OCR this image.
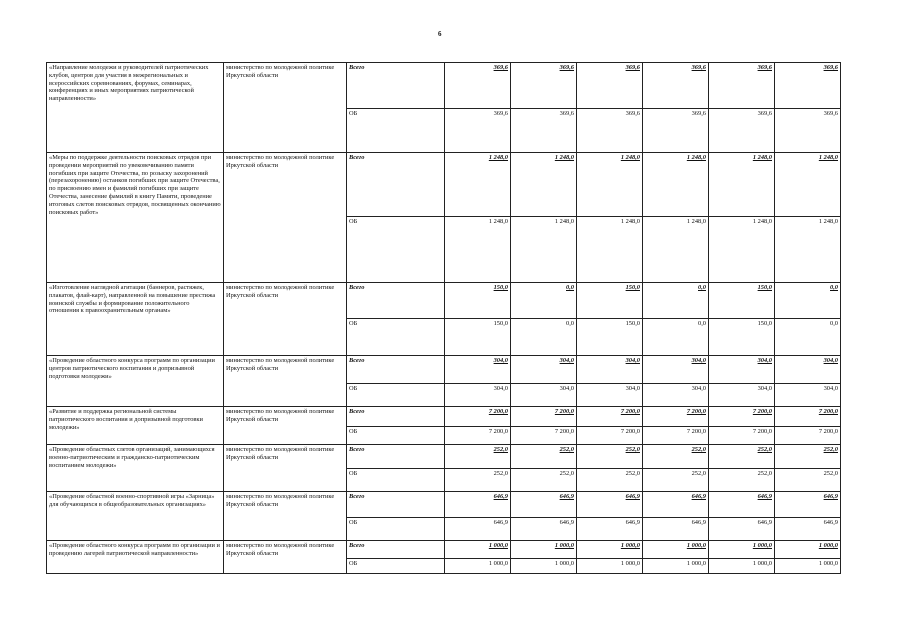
6
«Направление молодежи и руководителей патриотических клубов, центров для участия в межрегиональных и всероссийских соревнованиях, форумах, семинарах, конференциях и иных мероприятиях патриотической направленности»	министерство по молодежной политике Иркутской области	Всего	369,6	369,6	369,6	369,6	369,6	369,6
		ОБ	369,6	369,6	369,6	369,6	369,6	369,6
«Меры по поддержке деятельности поисковых отрядов при проведении мероприятий по увековечиванию памяти погибших при защите Отечества, по розыску захоронений (перезахоронению) останков погибших при защите Отечества, по присвоению имен и фамилий погибших при защите Отечества, занесение фамилий в книгу Памяти, проведение итоговых слетов поисковых отрядов, посвященных окончанию поисковых работ»	министерство по молодежной политике Иркутской области	Всего	1 248,0	1 248,0	1 248,0	1 248,0	1 248,0	1 248,0
		ОБ	1 248,0	1 248,0	1 248,0	1 248,0	1 248,0	1 248,0
«Изготовление наглядной агитации (баннеров, растяжек, плакатов, флай-карт), направленной на повышение престижа воинской службы и формирование положительного отношения к правоохранительным органам»	министерство по молодежной политике Иркутской области	Всего	150,0	0,0	150,0	0,0	150,0	0,0
		ОБ	150,0	0,0	150,0	0,0	150,0	0,0
«Проведение областного конкурса программ по организации центров патриотического воспитания и допризывной подготовки молодежи»	министерство по молодежной политике Иркутской области	Всего	304,0	304,0	304,0	304,0	304,0	304,0
		ОБ	304,0	304,0	304,0	304,0	304,0	304,0
«Развитие и поддержка региональной системы патриотического воспитания и допризывной подготовки молодежи»	министерство по молодежной политике Иркутской области	Всего	7 200,0	7 200,0	7 200,0	7 200,0	7 200,0	7 200,0
		ОБ	7 200,0	7 200,0	7 200,0	7 200,0	7 200,0	7 200,0
«Проведение областных слетов организаций, занимающихся военно-патриотическим и гражданско-патриотическим воспитанием молодежи»	министерство по молодежной политике Иркутской области	Всего	252,0	252,0	252,0	252,0	252,0	252,0
		ОБ	252,0	252,0	252,0	252,0	252,0	252,0
«Проведение областной военно-спортивной игры «Зарница» для обучающихся в общеобразовательных организациях»	министерство по молодежной политике Иркутской области	Всего	646,9	646,9	646,9	646,9	646,9	646,9
		ОБ	646,9	646,9	646,9	646,9	646,9	646,9
«Проведение областного конкурса программ по организации и проведению лагерей патриотической направленности»	министерство по молодежной политике Иркутской области	Всего	1 000,0	1 000,0	1 000,0	1 000,0	1 000,0	1 000,0
		ОБ	1 000,0	1 000,0	1 000,0	1 000,0	1 000,0	1 000,0
